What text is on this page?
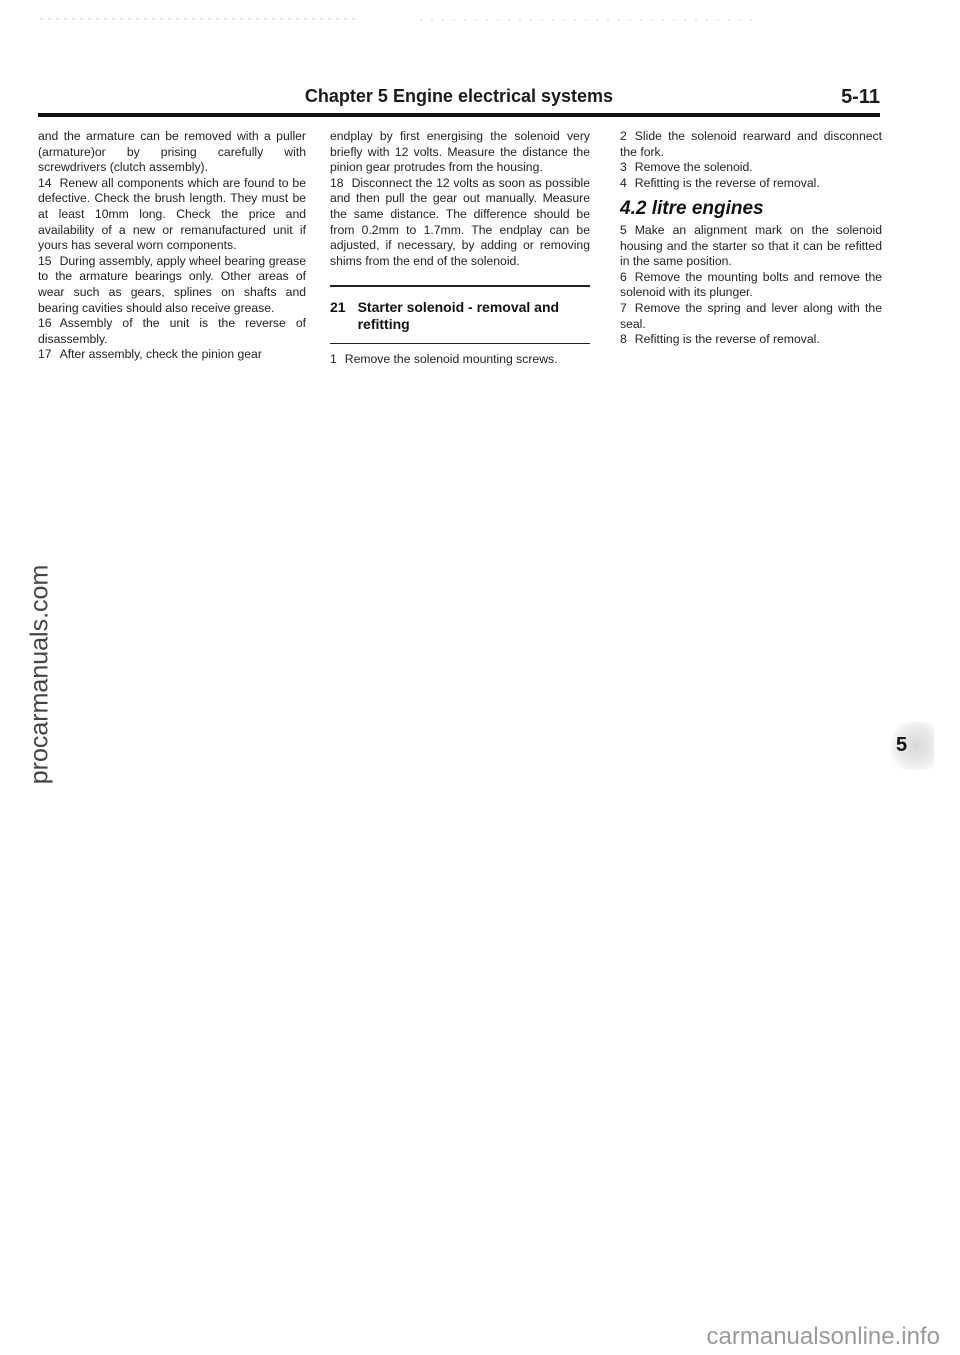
Chapter 5 Engine electrical systems	5-11

and the armature can be removed with a puller (armature)or by prising carefully with screwdrivers (clutch assembly).

14 Renew all components which are found to be defective. Check the brush length. They must be at least 10mm long. Check the price and availability of a new or remanufactured unit if yours has several worn components.

15 During assembly, apply wheel bearing grease to the armature bearings only. Other areas of wear such as gears, splines on shafts and bearing cavities should also receive grease.

16 Assembly of the unit is the reverse of disassembly.

17 After assembly, check the pinion gear

endplay by first energising the solenoid very briefly with 12 volts. Measure the distance the pinion gear protrudes from the housing.

18 Disconnect the 12 volts as soon as possible and then pull the gear out manually. Measure the same distance. The difference should be from 0.2mm to 1.7mm. The endplay can be adjusted, if necessary, by adding or removing shims from the end of the solenoid.

21 Starter solenoid - removal and refitting

1 Remove the solenoid mounting screws.

2 Slide the solenoid rearward and disconnect the fork.

3 Remove the solenoid.

4 Refitting is the reverse of removal.

4.2 litre engines

5 Make an alignment mark on the solenoid housing and the starter so that it can be refitted in the same position.

6 Remove the mounting bolts and remove the solenoid with its plunger.

7 Remove the spring and lever along with the seal.

8 Refitting is the reverse of removal.

procarmanuals.com	5
carmanualsonline.info
